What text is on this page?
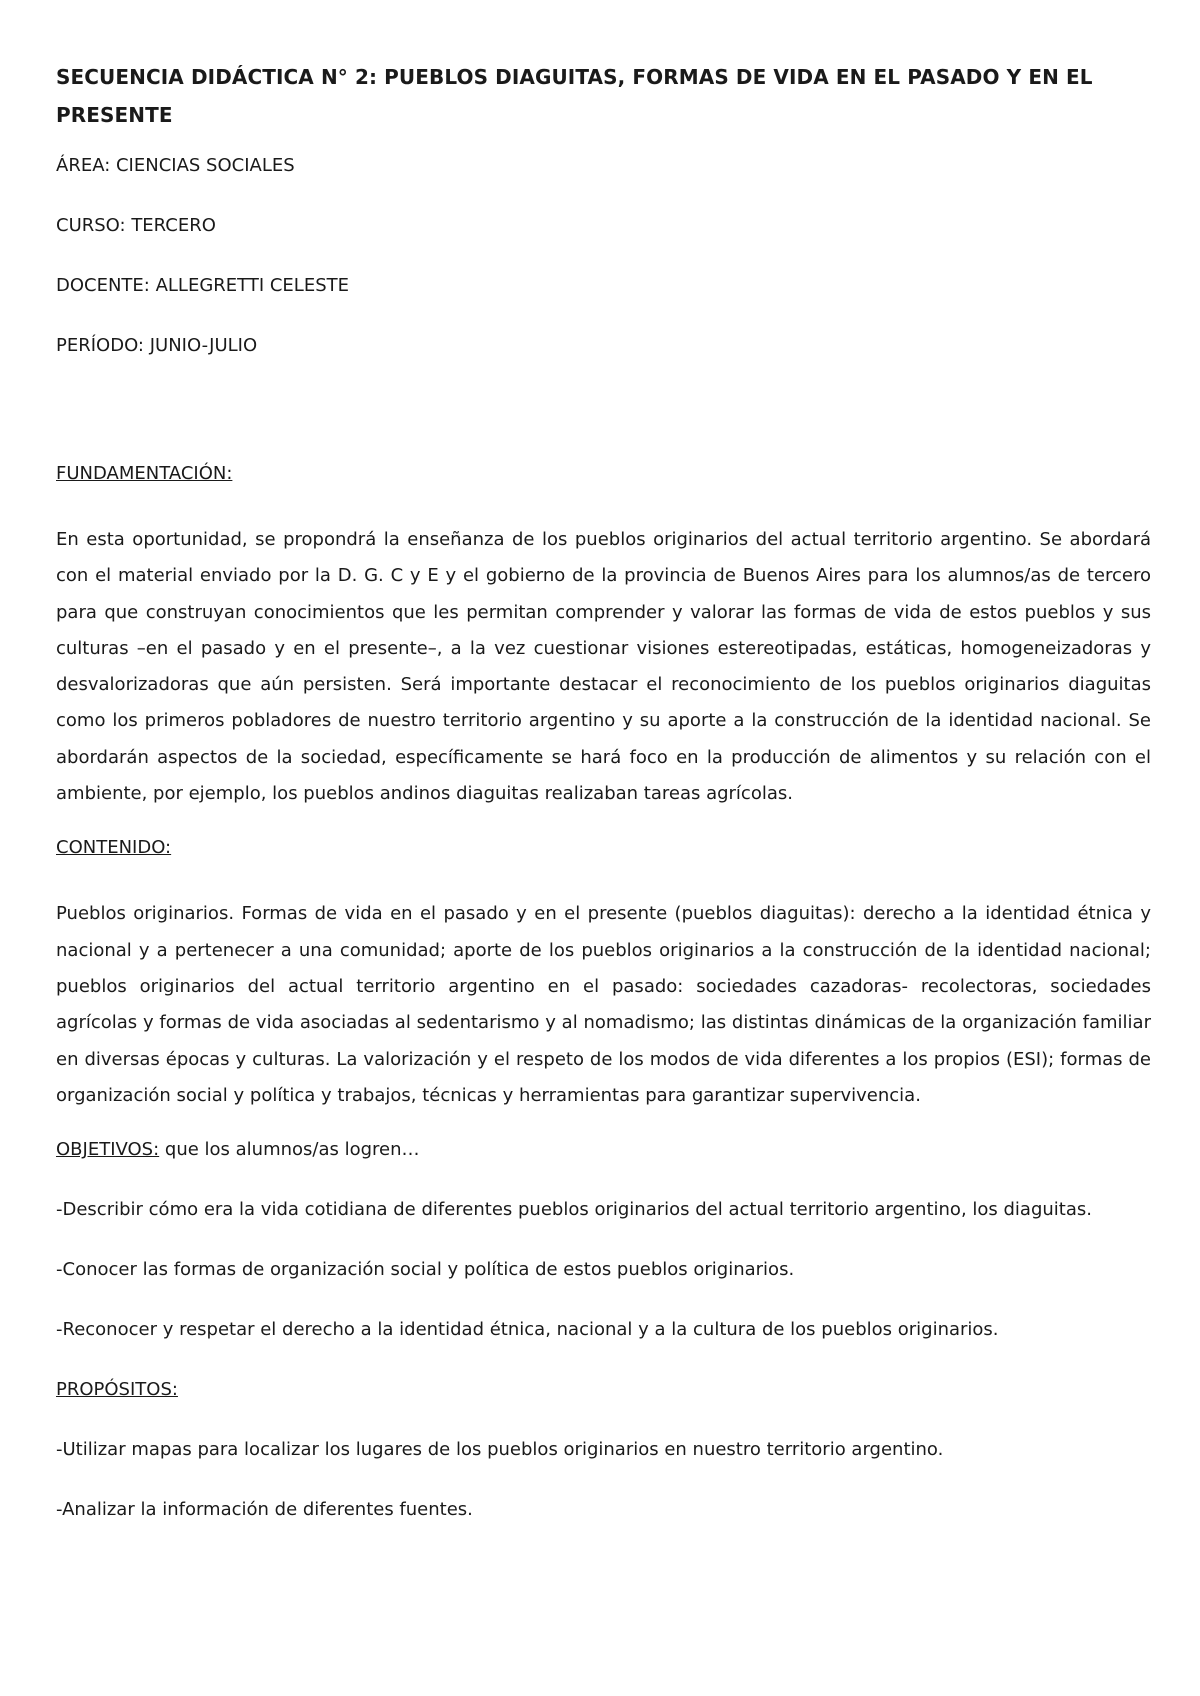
SECUENCIA DIDÁCTICA N° 2: PUEBLOS DIAGUITAS, FORMAS DE VIDA EN EL PASADO Y EN EL PRESENTE
ÁREA: CIENCIAS SOCIALES
CURSO: TERCERO
DOCENTE: ALLEGRETTI CELESTE
PERÍODO: JUNIO-JULIO
FUNDAMENTACIÓN:
En esta oportunidad, se propondrá la enseñanza de los pueblos originarios del actual territorio argentino. Se abordará con el material enviado por la D. G. C y E y el gobierno de la provincia de Buenos Aires para los alumnos/as de tercero para que construyan conocimientos que les permitan comprender y valorar las formas de vida de estos pueblos y sus culturas –en el pasado y en el presente–, a la vez cuestionar visiones estereotipadas, estáticas, homogeneizadoras y desvalorizadoras que aún persisten. Será importante destacar el reconocimiento de los pueblos originarios diaguitas como los primeros pobladores de nuestro territorio argentino y su aporte a la construcción de la identidad nacional. Se abordarán aspectos de la sociedad, específicamente se hará foco en la producción de alimentos y su relación con el ambiente, por ejemplo, los pueblos andinos diaguitas realizaban tareas agrícolas.
CONTENIDO:
Pueblos originarios. Formas de vida en el pasado y en el presente (pueblos diaguitas): derecho a la identidad étnica y nacional y a pertenecer a una comunidad; aporte de los pueblos originarios a la construcción de la identidad nacional; pueblos originarios del actual territorio argentino en el pasado: sociedades cazadoras- recolectoras, sociedades agrícolas y formas de vida asociadas al sedentarismo y al nomadismo; las distintas dinámicas de la organización familiar en diversas épocas y culturas. La valorización y el respeto de los modos de vida diferentes a los propios (ESI); formas de organización social y política y trabajos, técnicas y herramientas para garantizar supervivencia.
OBJETIVOS: que los alumnos/as logren…
-Describir cómo era la vida cotidiana de diferentes pueblos originarios del actual territorio argentino, los diaguitas.
-Conocer las formas de organización social y política de estos pueblos originarios.
-Reconocer y respetar el derecho a la identidad étnica, nacional y a la cultura de los pueblos originarios.
PROPÓSITOS:
-Utilizar mapas para localizar los lugares de los pueblos originarios en nuestro territorio argentino.
-Analizar la información de diferentes fuentes.
